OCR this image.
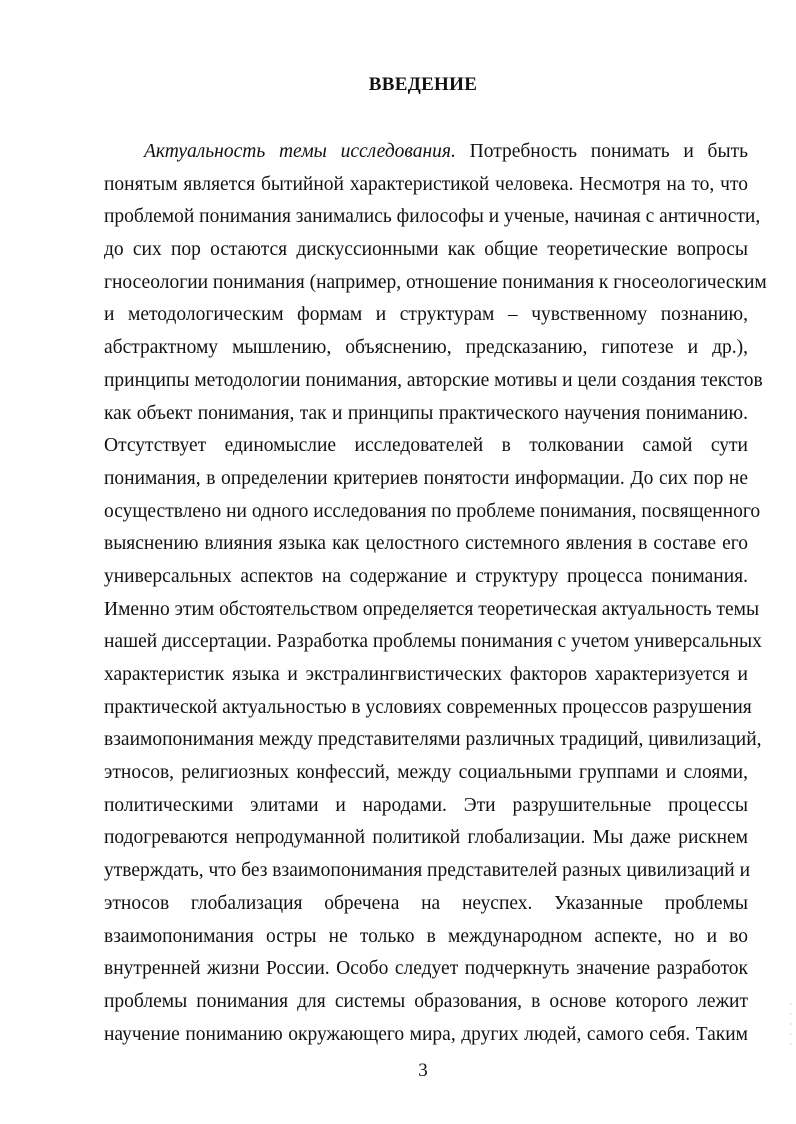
ВВЕДЕНИЕ
Актуальность темы исследования. Потребность понимать и быть
понятым является бытийной характеристикой человека. Несмотря на то, что
проблемой понимания занимались философы и ученые, начиная с античности,
до сих пор остаются дискуссионными как общие теоретические вопросы
гносеологии понимания (например, отношение понимания к гносеологическим
и методологическим формам и структурам – чувственному познанию,
абстрактному мышлению, объяснению, предсказанию, гипотезе и др.),
принципы методологии понимания, авторские мотивы и цели создания текстов
как объект понимания, так и принципы практического научения пониманию.
Отсутствует единомыслие исследователей в толковании самой сути
понимания, в определении критериев понятости информации. До сих пор не
осуществлено ни одного исследования по проблеме понимания, посвященного
выяснению влияния языка как целостного системного явления в составе его
универсальных аспектов на содержание и структуру процесса понимания.
Именно этим обстоятельством определяется теоретическая актуальность темы
нашей диссертации. Разработка проблемы понимания с учетом универсальных
характеристик языка и экстралингвистических факторов характеризуется и
практической актуальностью в условиях современных процессов разрушения
взаимопонимания между представителями различных традиций, цивилизаций,
этносов, религиозных конфессий, между социальными группами и слоями,
политическими элитами и народами. Эти разрушительные процессы
подогреваются непродуманной политикой глобализации. Мы даже рискнем
утверждать, что без взаимопонимания представителей разных цивилизаций и
этносов глобализация обречена на неуспех. Указанные проблемы
взаимопонимания остры не только в международном аспекте, но и во
внутренней жизни России. Особо следует подчеркнуть значение разработок
проблемы понимания для системы образования, в основе которого лежит
научение пониманию окружающего мира, других людей, самого себя. Таким
3
·
·
·
·
·
